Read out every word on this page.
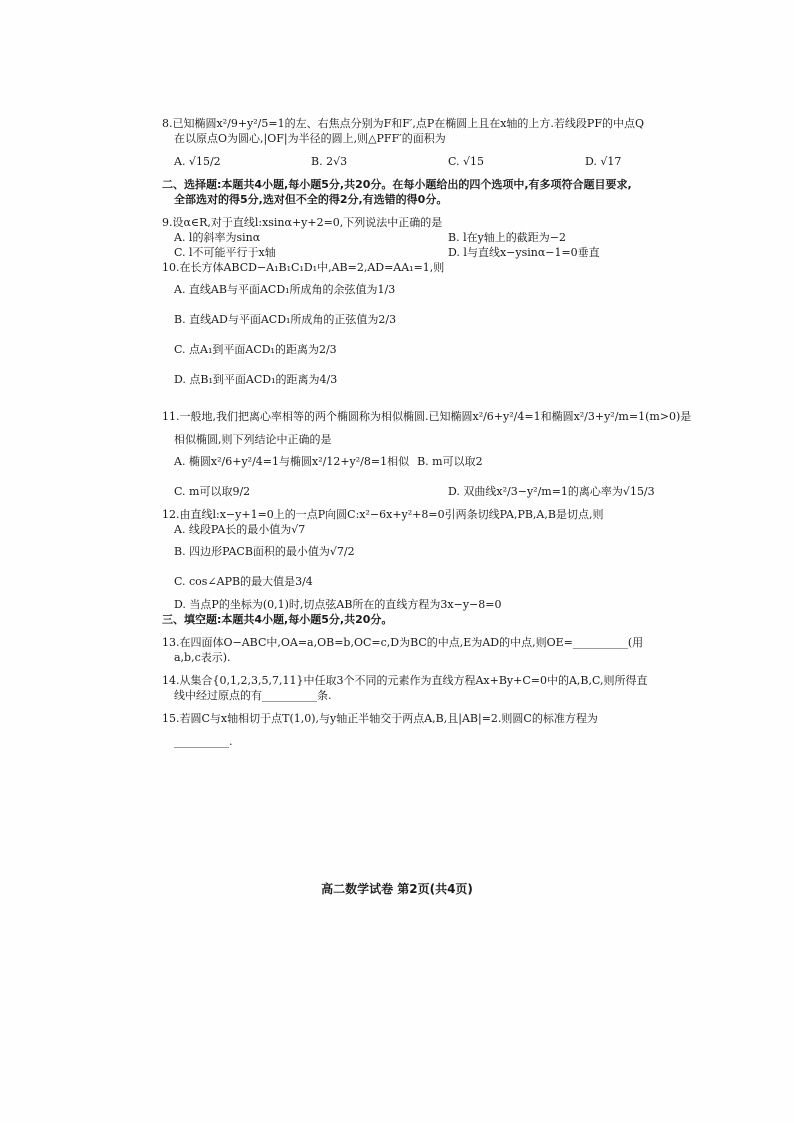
8.已知椭圆x²/9+y²/5=1的左、右焦点分别为F和F′,点P在椭圆上且在x轴的上方.若线段PF的中点Q
在以原点O为圆心,|OF|为半径的圆上,则△PFF′的面积为
A. √15/2	B. 2√3	C. √15	D. √17
二、选择题:本题共4小题,每小题5分,共20分。在每小题给出的四个选项中,有多项符合题目要求,
全部选对的得5分,选对但不全的得2分,有选错的得0分。
9.设α∈R,对于直线l:xsinα+y+2=0,下列说法中正确的是
A. l的斜率为sinα	B. l在y轴上的截距为−2
C. l不可能平行于x轴	D. l与直线x−ysinα−1=0垂直
10.在长方体ABCD−A₁B₁C₁D₁中,AB=2,AD=AA₁=1,则
A. 直线AB与平面ACD₁所成角的余弦值为1/3
B. 直线AD与平面ACD₁所成角的正弦值为2/3
C. 点A₁到平面ACD₁的距离为2/3
D. 点B₁到平面ACD₁的距离为4/3
11.一般地,我们把离心率相等的两个椭圆称为相似椭圆.已知椭圆x²/6+y²/4=1和椭圆x²/3+y²/m=1(m>0)是
相似椭圆,则下列结论中正确的是
A. 椭圆x²/6+y²/4=1与椭圆x²/12+y²/8=1相似 B. m可以取2
C. m可以取9/2	D. 双曲线x²/3−y²/m=1的离心率为√15/3
12.由直线l:x−y+1=0上的一点P向圆C:x²−6x+y²+8=0引两条切线PA,PB,A,B是切点,则
A. 线段PA长的最小值为√7
B. 四边形PACB面积的最小值为√7/2
C. cos∠APB的最大值是3/4
D. 当点P的坐标为(0,1)时,切点弦AB所在的直线方程为3x−y−8=0
三、填空题:本题共4小题,每小题5分,共20分。
13.在四面体O−ABC中,OA=a,OB=b,OC=c,D为BC的中点,E为AD的中点,则OE=__________(用
a,b,c表示).
14.从集合{0,1,2,3,5,7,11}中任取3个不同的元素作为直线方程Ax+By+C=0中的A,B,C,则所得直
线中经过原点的有__________条.
15.若圆C与x轴相切于点T(1,0),与y轴正半轴交于两点A,B,且|AB|=2.则圆C的标准方程为
__________.
高二数学试卷 第2页(共4页)
